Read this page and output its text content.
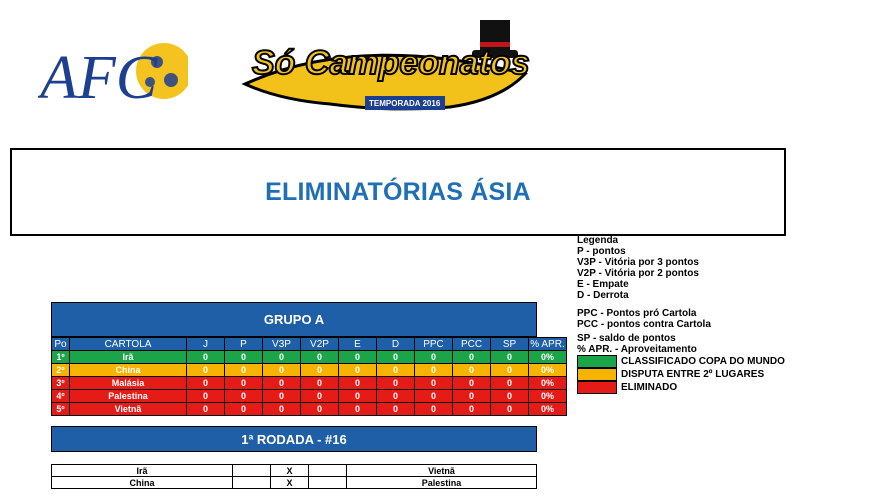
AFC	Só Campeonatos
TEMPORADA 2016
ELIMINATÓRIAS ÁSIA
Legenda
P - pontos
V3P - Vitória por 3 pontos
V2P - Vitória por 2 pontos
E - Empate
D - Derrota
PPC - Pontos pró Cartola
PCC - pontos contra Cartola
SP - saldo de pontos
% APR. - Aproveitamento
CLASSIFICADO COPA DO MUNDO
DISPUTA ENTRE 2º LUGARES
ELIMINADO
GRUPO A
Po	CARTOLA	J	P	V3P	V2P	E	D	PPC	PCC	SP	% APR.
1º	Irã	0	0	0	0	0	0	0	0	0	0%
2º	China	0	0	0	0	0	0	0	0	0	0%
3º	Malásia	0	0	0	0	0	0	0	0	0	0%
4º	Palestina	0	0	0	0	0	0	0	0	0	0%
5º	Vietnã	0	0	0	0	0	0	0	0	0	0%
1ª RODADA - #16
Irã		X		Vietnã
China		X		Palestina
